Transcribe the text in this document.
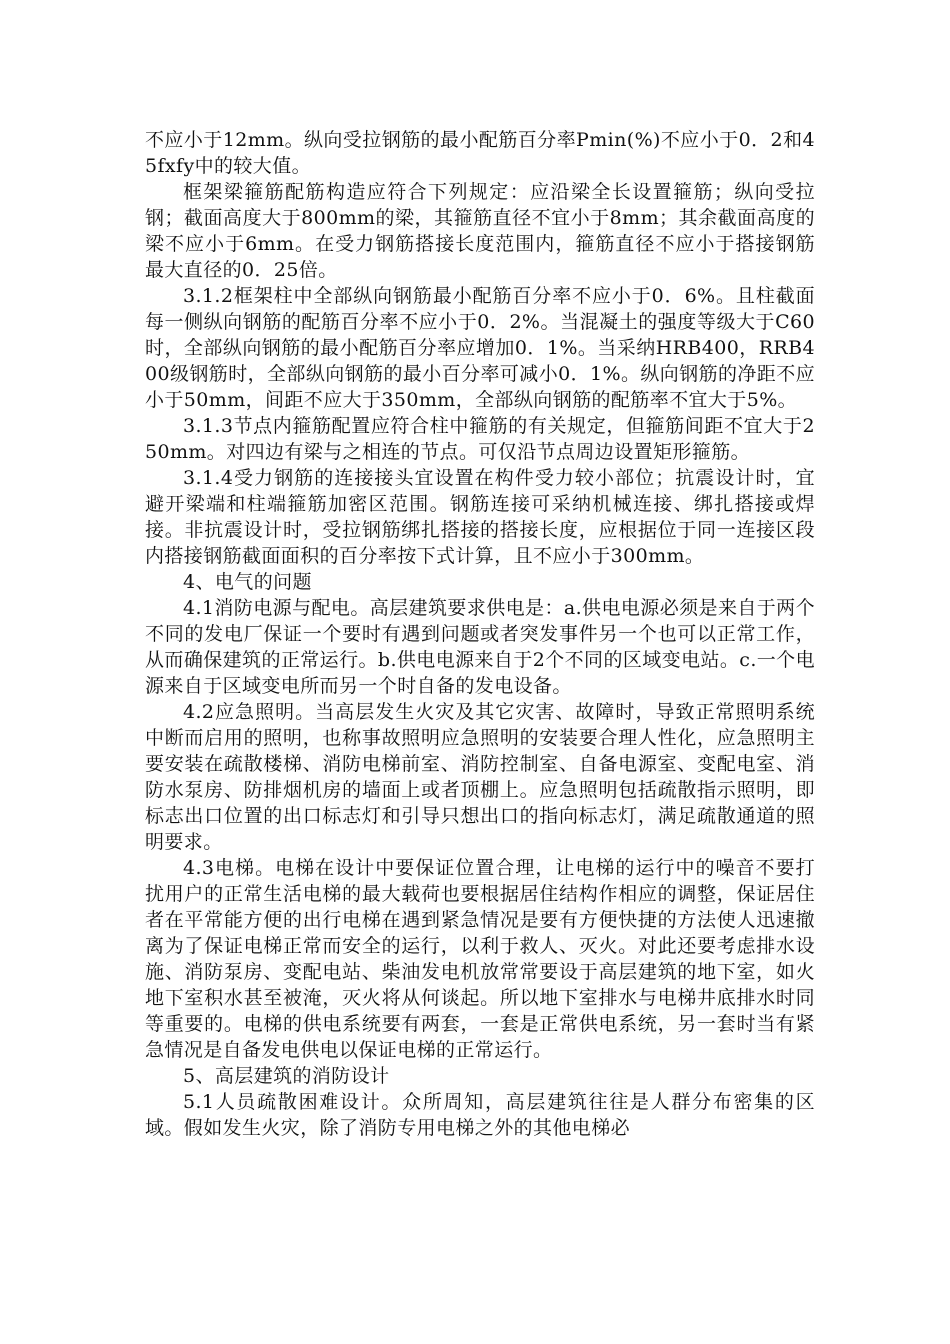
不应小于12mm。纵向受拉钢筋的最小配筋百分率Pmin(%)不应小于0．2和45fxfy中的较大值。

框架梁箍筋配筋构造应符合下列规定：应沿梁全长设置箍筋；纵向受拉钢；截面高度大于800mm的梁，其箍筋直径不宜小于8mm；其余截面高度的梁不应小于6mm。在受力钢筋搭接长度范围内，箍筋直径不应小于搭接钢筋最大直径的0．25倍。

3.1.2框架柱中全部纵向钢筋最小配筋百分率不应小于0．6%。且柱截面每一侧纵向钢筋的配筋百分率不应小于0．2%。当混凝土的强度等级大于C60时，全部纵向钢筋的最小配筋百分率应增加0．1%。当采纳HRB400，RRB400级钢筋时，全部纵向钢筋的最小百分率可减小0．1%。纵向钢筋的净距不应小于50mm，间距不应大于350mm，全部纵向钢筋的配筋率不宜大于5%。

3.1.3节点内箍筋配置应符合柱中箍筋的有关规定，但箍筋间距不宜大于250mm。对四边有梁与之相连的节点。可仅沿节点周边设置矩形箍筋。

3.1.4受力钢筋的连接接头宜设置在构件受力较小部位；抗震设计时，宜避开梁端和柱端箍筋加密区范围。钢筋连接可采纳机械连接、绑扎搭接或焊接。非抗震设计时，受拉钢筋绑扎搭接的搭接长度，应根据位于同一连接区段内搭接钢筋截面面积的百分率按下式计算，且不应小于300mm。

4、电气的问题

4.1消防电源与配电。高层建筑要求供电是：a.供电电源必须是来自于两个不同的发电厂保证一个要时有遇到问题或者突发事件另一个也可以正常工作，从而确保建筑的正常运行。b.供电电源来自于2个不同的区域变电站。c.一个电源来自于区域变电所而另一个时自备的发电设备。

4.2应急照明。当高层发生火灾及其它灾害、故障时，导致正常照明系统中断而启用的照明，也称事故照明应急照明的安装要合理人性化，应急照明主要安装在疏散楼梯、消防电梯前室、消防控制室、自备电源室、变配电室、消防水泵房、防排烟机房的墙面上或者顶棚上。应急照明包括疏散指示照明，即标志出口位置的出口标志灯和引导只想出口的指向标志灯，满足疏散通道的照明要求。

4.3电梯。电梯在设计中要保证位置合理，让电梯的运行中的噪音不要打扰用户的正常生活电梯的最大载荷也要根据居住结构作相应的调整，保证居住者在平常能方便的出行电梯在遇到紧急情况是要有方便快捷的方法使人迅速撤离为了保证电梯正常而安全的运行，以利于救人、灭火。对此还要考虑排水设施、消防泵房、变配电站、柴油发电机放常常要设于高层建筑的地下室，如火地下室积水甚至被淹，灭火将从何谈起。所以地下室排水与电梯井底排水时同等重要的。电梯的供电系统要有两套，一套是正常供电系统，另一套时当有紧急情况是自备发电供电以保证电梯的正常运行。

5、高层建筑的消防设计

5.1人员疏散困难设计。众所周知，高层建筑往往是人群分布密集的区域。假如发生火灾，除了消防专用电梯之外的其他电梯必
